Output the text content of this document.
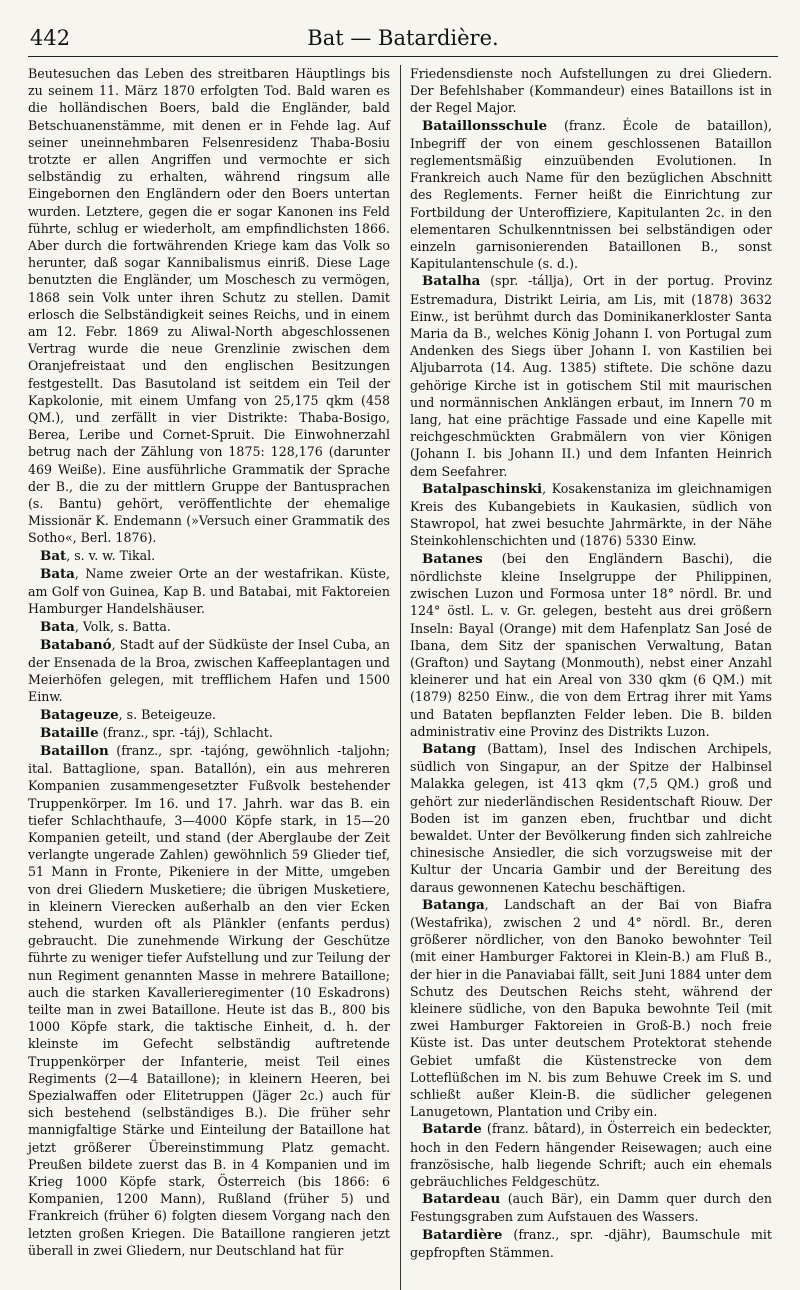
442	Bat — Batardière.

Beutesuchen das Leben des streitbaren Häuptlings bis zu seinem 11. März 1870 erfolgten Tod. Bald waren es die holländischen Boers, bald die Engländer, bald Betschuanenstämme, mit denen er in Fehde lag. Auf seiner uneinnehmbaren Felsenresidenz Thaba-Bosiu trotzte er allen Angriffen und vermochte er sich selbständig zu erhalten, während ringsum alle Eingebornen den Engländern oder den Boers untertan wurden. Letztere, gegen die er sogar Kanonen ins Feld führte, schlug er wiederholt, am empfindlichsten 1866. Aber durch die fortwährenden Kriege kam das Volk so herunter, daß sogar Kannibalismus einriß. Diese Lage benutzten die Engländer, um Moschesch zu vermögen, 1868 sein Volk unter ihren Schutz zu stellen. Damit erlosch die Selbständigkeit seines Reichs, und in einem am 12. Febr. 1869 zu Aliwal-North abgeschlossenen Vertrag wurde die neue Grenzlinie zwischen dem Oranjefreistaat und den englischen Besitzungen festgestellt. Das Basutoland ist seitdem ein Teil der Kapkolonie, mit einem Umfang von 25,175 qkm (458 QM.), und zerfällt in vier Distrikte: Thaba-Bosigo, Berea, Leribe und Cornet-Spruit. Die Einwohnerzahl betrug nach der Zählung von 1875: 128,176 (darunter 469 Weiße). Eine ausführliche Grammatik der Sprache der B., die zu der mittlern Gruppe der Bantusprachen (s. Bantu) gehört, veröffentlichte der ehemalige Missionär K. Endemann (»Versuch einer Grammatik des Sotho«, Berl. 1876).

Bat, s. v. w. Tikal.

Bata, Name zweier Orte an der westafrikan. Küste, am Golf von Guinea, Kap B. und Batabai, mit Faktoreien Hamburger Handelshäuser.

Bata, Volk, s. Batta.

Batabanó, Stadt auf der Südküste der Insel Cuba, an der Ensenada de la Broa, zwischen Kaffeeplantagen und Meierhöfen gelegen, mit trefflichem Hafen und 1500 Einw.

Batageuze, s. Beteigeuze.

Bataille (franz., spr. -táj), Schlacht.

Bataillon (franz., spr. -tajóng, gewöhnlich -taljohn; ital. Battaglione, span. Batallón), ein aus mehreren Kompanien zusammengesetzter Fußvolk bestehender Truppenkörper. Im 16. und 17. Jahrh. war das B. ein tiefer Schlachthaufe, 3—4000 Köpfe stark, in 15—20 Kompanien geteilt, und stand (der Aberglaube der Zeit verlangte ungerade Zahlen) gewöhnlich 59 Glieder tief, 51 Mann in Fronte, Pikeniere in der Mitte, umgeben von drei Gliedern Musketiere; die übrigen Musketiere, in kleinern Vierecken außerhalb an den vier Ecken stehend, wurden oft als Plänkler (enfants perdus) gebraucht. Die zunehmende Wirkung der Geschütze führte zu weniger tiefer Aufstellung und zur Teilung der nun Regiment genannten Masse in mehrere Bataillone; auch die starken Kavallerieregimenter (10 Eskadrons) teilte man in zwei Bataillone. Heute ist das B., 800 bis 1000 Köpfe stark, die taktische Einheit, d. h. der kleinste im Gefecht selbständig auftretende Truppenkörper der Infanterie, meist Teil eines Regiments (2—4 Bataillone); in kleinern Heeren, bei Spezialwaffen oder Elitetruppen (Jäger 2c.) auch für sich bestehend (selbständiges B.). Die früher sehr mannigfaltige Stärke und Einteilung der Bataillone hat jetzt größerer Übereinstimmung Platz gemacht. Preußen bildete zuerst das B. in 4 Kompanien und im Krieg 1000 Köpfe stark, Österreich (bis 1866: 6 Kompanien, 1200 Mann), Rußland (früher 5) und Frankreich (früher 6) folgten diesem Vorgang nach den letzten großen Kriegen. Die Bataillone rangieren jetzt überall in zwei Gliedern, nur Deutschland hat für

Friedensdienste noch Aufstellungen zu drei Gliedern. Der Befehlshaber (Kommandeur) eines Bataillons ist in der Regel Major.

Bataillonsschule (franz. École de bataillon), Inbegriff der von einem geschlossenen Bataillon reglementsmäßig einzuübenden Evolutionen. In Frankreich auch Name für den bezüglichen Abschnitt des Reglements. Ferner heißt die Einrichtung zur Fortbildung der Unteroffiziere, Kapitulanten 2c. in den elementaren Schulkenntnissen bei selbständigen oder einzeln garnisonierenden Bataillonen B., sonst Kapitulantenschule (s. d.).

Batalha (spr. -tállja), Ort in der portug. Provinz Estremadura, Distrikt Leiria, am Lis, mit (1878) 3632 Einw., ist berühmt durch das Dominikanerkloster Santa Maria da B., welches König Johann I. von Portugal zum Andenken des Siegs über Johann I. von Kastilien bei Aljubarrota (14. Aug. 1385) stiftete. Die schöne dazu gehörige Kirche ist in gotischem Stil mit maurischen und normännischen Anklängen erbaut, im Innern 70 m lang, hat eine prächtige Fassade und eine Kapelle mit reichgeschmückten Grabmälern von vier Königen (Johann I. bis Johann II.) und dem Infanten Heinrich dem Seefahrer.

Batalpaschinski, Kosakenstaniza im gleichnamigen Kreis des Kubangebiets in Kaukasien, südlich von Stawropol, hat zwei besuchte Jahrmärkte, in der Nähe Steinkohlenschichten und (1876) 5330 Einw.

Batanes (bei den Engländern Baschi), die nördlichste kleine Inselgruppe der Philippinen, zwischen Luzon und Formosa unter 18° nördl. Br. und 124° östl. L. v. Gr. gelegen, besteht aus drei größern Inseln: Bayal (Orange) mit dem Hafenplatz San José de Ibana, dem Sitz der spanischen Verwaltung, Batan (Grafton) und Saytang (Monmouth), nebst einer Anzahl kleinerer und hat ein Areal von 330 qkm (6 QM.) mit (1879) 8250 Einw., die von dem Ertrag ihrer mit Yams und Bataten bepflanzten Felder leben. Die B. bilden administrativ eine Provinz des Distrikts Luzon.

Batang (Battam), Insel des Indischen Archipels, südlich von Singapur, an der Spitze der Halbinsel Malakka gelegen, ist 413 qkm (7,5 QM.) groß und gehört zur niederländischen Residentschaft Riouw. Der Boden ist im ganzen eben, fruchtbar und dicht bewaldet. Unter der Bevölkerung finden sich zahlreiche chinesische Ansiedler, die sich vorzugsweise mit der Kultur der Uncaria Gambir und der Bereitung des daraus gewonnenen Katechu beschäftigen.

Batanga, Landschaft an der Bai von Biafra (Westafrika), zwischen 2 und 4° nördl. Br., deren größerer nördlicher, von den Banoko bewohnter Teil (mit einer Hamburger Faktorei in Klein-B.) am Fluß B., der hier in die Panaviabai fällt, seit Juni 1884 unter dem Schutz des Deutschen Reichs steht, während der kleinere südliche, von den Bapuka bewohnte Teil (mit zwei Hamburger Faktoreien in Groß-B.) noch freie Küste ist. Das unter deutschem Protektorat stehende Gebiet umfaßt die Küstenstrecke von dem Lotteflüßchen im N. bis zum Behuwe Creek im S. und schließt außer Klein-B. die südlicher gelegenen Lanugetown, Plantation und Criby ein.

Batarde (franz. bâtard), in Österreich ein bedeckter, hoch in den Federn hängender Reisewagen; auch eine französische, halb liegende Schrift; auch ein ehemals gebräuchliches Feldgeschütz.

Batardeau (auch Bär), ein Damm quer durch den Festungsgraben zum Aufstauen des Wassers.

Batardière (franz., spr. -djähr), Baumschule mit gepfropften Stämmen.
